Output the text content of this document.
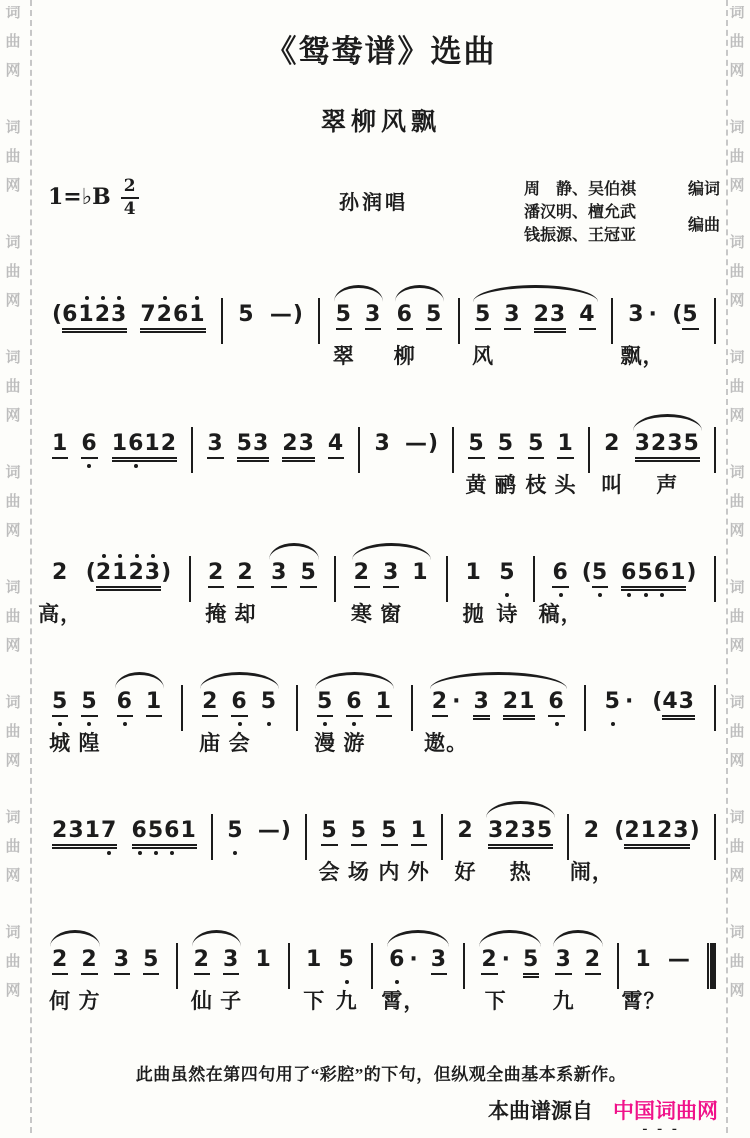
词
曲
网
词
曲
网
词
曲
网
词
曲
网
词
曲
网
词
曲
网
词
曲
网
词
曲
网
词
曲
网
词
曲
网
词
曲
网
词
曲
网
词
曲
网
词
曲
网
词
曲
网
词
曲
网
词
曲
网
词
曲
网
《鸳鸯谱》选曲
翠柳风飘
1=♭B $\frac{2}{4}$	孙润唱
周　静、吴伯祺
潘汉明、檀允武
钱振源、王冠亚
编词
编曲
(6123 7261 5 —) 5
翠
3 6
柳
5 5
风
3 23 4 3 ·
飘，
(5
1 6 1612 3 53 23 4 3 —) 5
黄
5
鹂
5
枝
1
头
2
叫
3235
声
2
高，
(2123) 2
掩
2
却
3 5 2
寒
3
窗
1 1
抛
5
诗
6
稿，
(5 6561)
5
城
5
隍
6 1 2
庙
6
会
5 5
漫
6
游
1 2 ·
遨。
3 21 6 5 · (43
2317 6561 5 —) 5
会
5
场
5
内
1
外
2
好
3235
热
2
闹，
(2123)
2
何
2
方
3 5 2
仙
3
子
1 1
下
5
九
6 ·
霄，
3 2 ·
下
5 3
九
2 1
霄？
—
此曲虽然在第四句用了“彩腔”的下句，但纵观全曲基本系新作。
本曲谱源自 中国词曲网
- - -
